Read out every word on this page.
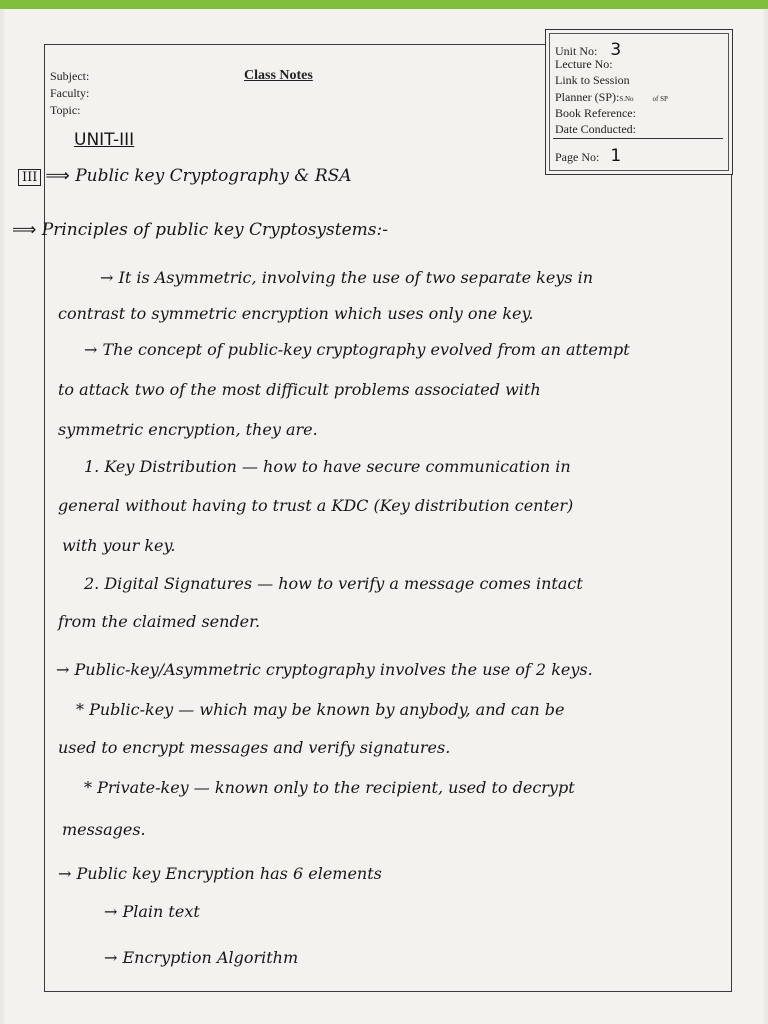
Subject:
Faculty:
Topic:
Class Notes
Unit No: 3
Lecture No:
Link to Session
Planner (SP):S.No	of SP
Book Reference:
Date Conducted:
Page No: 1
UNIT-III
III ⟹ Public key Cryptography & RSA
⟹ Principles of public key Cryptosystems:-
→ It is Asymmetric, involving the use of two separate keys in
contrast to symmetric encryption which uses only one key.
→ The concept of public-key cryptography evolved from an attempt
to attack two of the most difficult problems associated with
symmetric encryption, they are.
1. Key Distribution — how to have secure communication in
general without having to trust a KDC (Key distribution center)
with your key.
2. Digital Signatures — how to verify a message comes intact
from the claimed sender.
→ Public-key/Asymmetric cryptography involves the use of 2 keys.
* Public-key — which may be known by anybody, and can be
used to encrypt messages and verify signatures.
* Private-key — known only to the recipient, used to decrypt
messages.
→ Public key Encryption has 6 elements
→ Plain text
→ Encryption Algorithm
